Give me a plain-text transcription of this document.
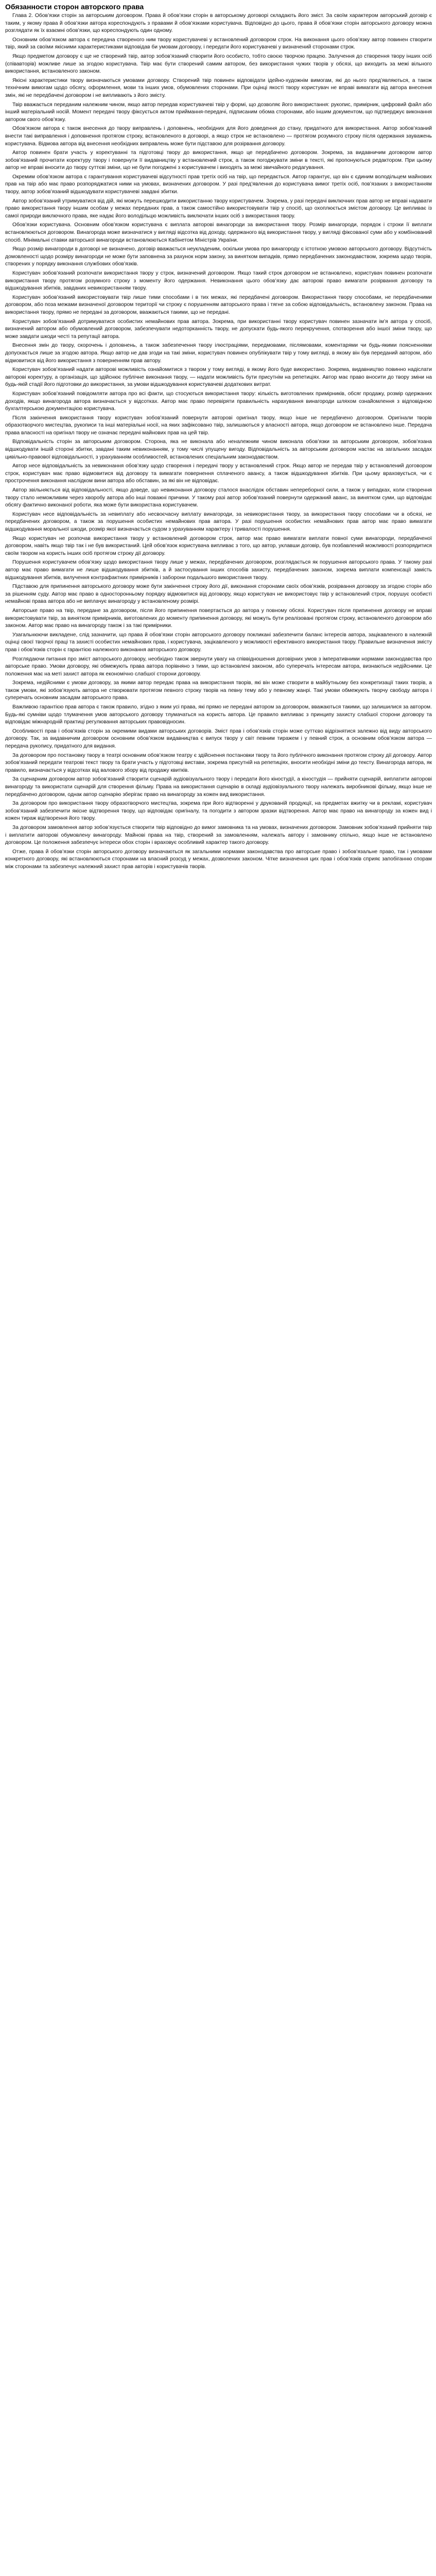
Обязанности сторон авторского права

Глава 2. Обов’язки сторін за авторським договором. Права й обов’язки сторін в авторському договорі складають його зміст. За своїм характером авторський договір є таким, у якому права й обов’язки автора кореспондують з правами й обов’язками користувача. Відповідно до цього, права й обов’язки сторін авторського договору можна розглядати як їх взаємні обов’язки, що кореспондують один одному.

Основним обов’язком автора є передача створеного ним твору користувачеві у встановлений договором строк. На виконання цього обов’язку автор повинен створити твір, який за своїми якісними характеристиками відповідав би умовам договору, і передати його користувачеві у визначений сторонами строк.

Якщо предметом договору є ще не створений твір, автор зобов’язаний створити його особисто, тобто своєю творчою працею. Залучення до створення твору інших осіб (співавторів) можливе лише за згодою користувача. Твір має бути створений самим автором, без використання чужих творів у обсязі, що виходить за межі вільного використання, встановленого законом.

Якісні характеристики твору визначаються умовами договору. Створений твір повинен відповідати ідейно-художнім вимогам, які до нього пред’являються, а також технічним вимогам щодо обсягу, оформлення, мови та інших умов, обумовлених сторонами. При оцінці якості твору користувач не вправі вимагати від автора внесення змін, які не передбачені договором і не випливають з його змісту.

Твір вважається переданим належним чином, якщо автор передав користувачеві твір у формі, що дозволяє його використання: рукопис, примірник, цифровий файл або інший матеріальний носій. Момент передачі твору фіксується актом приймання-передачі, підписаним обома сторонами, або іншим документом, що підтверджує виконання автором свого обов’язку.

Обов’язком автора є також внесення до твору виправлень і доповнень, необхідних для його доведення до стану, придатного для використання. Автор зобов’язаний внести такі виправлення і доповнення протягом строку, встановленого в договорі, а якщо строк не встановлено — протягом розумного строку після одержання зауважень користувача. Відмова автора від внесення необхідних виправлень може бути підставою для розірвання договору.

Автор повинен брати участь у коректуванні та підготовці твору до використання, якщо це передбачено договором. Зокрема, за видавничим договором автор зобов’язаний прочитати коректуру твору і повернути її видавництву у встановлений строк, а також погоджувати зміни в тексті, які пропонуються редактором. При цьому автор не вправі вносити до твору суттєві зміни, що не були погоджені з користувачем і виходять за межі звичайного редагування.

Окремим обов’язком автора є гарантування користувачеві відсутності прав третіх осіб на твір, що передається. Автор гарантує, що він є єдиним володільцем майнових прав на твір або має право розпоряджатися ними на умовах, визначених договором. У разі пред’явлення до користувача вимог третіх осіб, пов’язаних з використанням твору, автор зобов’язаний відшкодувати користувачеві завдані збитки.

Автор зобов’язаний утримуватися від дій, які можуть перешкодити використанню твору користувачем. Зокрема, у разі передачі виключних прав автор не вправі надавати право використання твору іншим особам у межах переданих прав, а також самостійно використовувати твір у спосіб, що охоплюється змістом договору. Це випливає із самої природи виключного права, яке надає його володільцю можливість виключати інших осіб з використання твору.

Обов’язки користувача. Основним обов’язком користувача є виплата авторові винагороди за використання твору. Розмір винагороди, порядок і строки її виплати встановлюються договором. Винагорода може визначатися у вигляді відсотка від доходу, одержаного від використання твору, у вигляді фіксованої суми або у комбінований спосіб. Мінімальні ставки авторської винагороди встановлюються Кабінетом Міністрів України.

Якщо розмір винагороди в договорі не визначено, договір вважається неукладеним, оскільки умова про винагороду є істотною умовою авторського договору. Відсутність домовленості щодо розміру винагороди не може бути заповнена за рахунок норм закону, за винятком випадків, прямо передбачених законодавством, зокрема щодо творів, створених у порядку виконання службових обов’язків.

Користувач зобов’язаний розпочати використання твору у строк, визначений договором. Якщо такий строк договором не встановлено, користувач повинен розпочати використання твору протягом розумного строку з моменту його одержання. Невиконання цього обов’язку дає авторові право вимагати розірвання договору та відшкодування збитків, завданих невикористанням твору.

Користувач зобов’язаний використовувати твір лише тими способами і в тих межах, які передбачені договором. Використання твору способами, не передбаченими договором, або поза межами визначеної договором території чи строку є порушенням авторського права і тягне за собою відповідальність, встановлену законом. Права на використання твору, прямо не передані за договором, вважаються такими, що не передані.

Користувач зобов’язаний дотримуватися особистих немайнових прав автора. Зокрема, при використанні твору користувач повинен зазначати ім’я автора у спосіб, визначений автором або обумовлений договором, забезпечувати недоторканність твору, не допускати будь-якого перекручення, спотворення або іншої зміни твору, що може завдати шкоди честі та репутації автора.

Внесення змін до твору, скорочень і доповнень, а також забезпечення твору ілюстраціями, передмовами, післямовами, коментарями чи будь-якими поясненнями допускається лише за згодою автора. Якщо автор не дав згоди на такі зміни, користувач повинен опублікувати твір у тому вигляді, в якому він був переданий автором, або відмовитися від його використання з поверненням прав автору.

Користувач зобов’язаний надати авторові можливість ознайомитися з твором у тому вигляді, в якому його буде використано. Зокрема, видавництво повинно надіслати авторові коректуру, а організація, що здійснює публічне виконання твору, — надати можливість бути присутнім на репетиціях. Автор має право вносити до твору зміни на будь-якій стадії його підготовки до використання, за умови відшкодування користувачеві додаткових витрат.

Користувач зобов’язаний повідомляти автора про всі факти, що стосуються використання твору: кількість виготовлених примірників, обсяг продажу, розмір одержаних доходів, якщо винагорода автора визначається у відсотках. Автор має право перевіряти правильність нарахування винагороди шляхом ознайомлення з відповідною бухгалтерською документацією користувача.

Після закінчення використання твору користувач зобов’язаний повернути авторові оригінал твору, якщо інше не передбачено договором. Оригінали творів образотворчого мистецтва, рукописи та інші матеріальні носії, на яких зафіксовано твір, залишаються у власності автора, якщо договором не встановлено інше. Передача права власності на оригінал твору не означає передачі майнових прав на цей твір.

Відповідальність сторін за авторським договором. Сторона, яка не виконала або неналежним чином виконала обов’язки за авторським договором, зобов’язана відшкодувати іншій стороні збитки, завдані таким невиконанням, у тому числі упущену вигоду. Відповідальність за авторським договором настає на загальних засадах цивільно-правової відповідальності, з урахуванням особливостей, встановлених спеціальним законодавством.

Автор несе відповідальність за невиконання обов’язку щодо створення і передачі твору у встановлений строк. Якщо автор не передав твір у встановлений договором строк, користувач має право відмовитися від договору та вимагати повернення сплаченого авансу, а також відшкодування збитків. При цьому враховується, чи є прострочення виконання наслідком вини автора або обставин, за які він не відповідає.

Автор звільняється від відповідальності, якщо доведе, що невиконання договору сталося внаслідок обставин непереборної сили, а також у випадках, коли створення твору стало неможливим через хворобу автора або інші поважні причини. У такому разі автор зобов’язаний повернути одержаний аванс, за винятком суми, що відповідає обсягу фактично виконаної роботи, яка може бути використана користувачем.

Користувач несе відповідальність за невиплату або несвоєчасну виплату винагороди, за невикористання твору, за використання твору способами чи в обсязі, не передбачених договором, а також за порушення особистих немайнових прав автора. У разі порушення особистих немайнових прав автор має право вимагати відшкодування моральної шкоди, розмір якої визначається судом з урахуванням характеру і тривалості порушення.

Якщо користувач не розпочав використання твору у встановлений договором строк, автор має право вимагати виплати повної суми винагороди, передбаченої договором, навіть якщо твір так і не був використаний. Цей обов’язок користувача випливає з того, що автор, уклавши договір, був позбавлений можливості розпорядитися своїм твором на користь інших осіб протягом строку дії договору.

Порушення користувачем обов’язку щодо використання твору лише у межах, передбачених договором, розглядається як порушення авторського права. У такому разі автор має право вимагати не лише відшкодування збитків, а й застосування інших способів захисту, передбачених законом, зокрема виплати компенсації замість відшкодування збитків, вилучення контрафактних примірників і заборони подальшого використання твору.

Підставою для припинення авторського договору може бути закінчення строку його дії, виконання сторонами своїх обов’язків, розірвання договору за згодою сторін або за рішенням суду. Автор має право в односторонньому порядку відмовитися від договору, якщо користувач не використовує твір у встановлений строк, порушує особисті немайнові права автора або не виплачує винагороду у встановленому розмірі.

Авторське право на твір, передане за договором, після його припинення повертається до автора у повному обсязі. Користувач після припинення договору не вправі використовувати твір, за винятком примірників, виготовлених до моменту припинення договору, які можуть бути реалізовані протягом строку, встановленого договором або законом. Автор має право на винагороду також і за такі примірники.

Узагальнюючи викладене, слід зазначити, що права й обов’язки сторін авторського договору покликані забезпечити баланс інтересів автора, зацікавленого в належній оцінці своєї творчої праці та захисті особистих немайнових прав, і користувача, зацікавленого у можливості ефективного використання твору. Правильне визначення змісту прав і обов’язків сторін є гарантією належного виконання авторського договору.

Розглядаючи питання про зміст авторського договору, необхідно також звернути увагу на співвідношення договірних умов з імперативними нормами законодавства про авторське право. Умови договору, які обмежують права автора порівняно з тими, що встановлені законом, або суперечать інтересам автора, визнаються недійсними. Це положення має на меті захист автора як економічно слабшої сторони договору.

Зокрема, недійсними є умови договору, за якими автор передає права на використання творів, які він може створити в майбутньому без конкретизації таких творів, а також умови, які зобов’язують автора не створювати протягом певного строку творів на певну тему або у певному жанрі. Такі умови обмежують творчу свободу автора і суперечать основним засадам авторського права.

Важливою гарантією прав автора є також правило, згідно з яким усі права, які прямо не передані автором за договором, вважаються такими, що залишилися за автором. Будь-які сумніви щодо тлумачення умов авторського договору тлумачаться на користь автора. Це правило випливає з принципу захисту слабшої сторони договору та відповідає міжнародній практиці регулювання авторських правовідносин.

Особливості прав і обов’язків сторін за окремими видами авторських договорів. Зміст прав і обов’язків сторін може суттєво відрізнятися залежно від виду авторського договору. Так, за видавничим договором основним обов’язком видавництва є випуск твору у світ певним тиражем і у певний строк, а основним обов’язком автора — передача рукопису, придатного для видання.

За договором про постановку твору в театрі основним обов’язком театру є здійснення постановки твору та його публічного виконання протягом строку дії договору. Автор зобов’язаний передати театрові текст твору та брати участь у підготовці вистави, зокрема присутній на репетиціях, вносити необхідні зміни до тексту. Винагорода автора, як правило, визначається у відсотках від валового збору від продажу квитків.

За сценарним договором автор зобов’язаний створити сценарій аудіовізуального твору і передати його кіностудії, а кіностудія — прийняти сценарій, виплатити авторові винагороду та використати сценарій для створення фільму. Права на використання сценарію в складі аудіовізуального твору належать виробникові фільму, якщо інше не передбачено договором, однак автор сценарію зберігає право на винагороду за кожен вид використання.

За договором про використання твору образотворчого мистецтва, зокрема при його відтворенні у друкованій продукції, на предметах вжитку чи в рекламі, користувач зобов’язаний забезпечити якісне відтворення твору, що відповідає оригіналу, та погодити з автором зразки відтворення. Автор має право на винагороду за кожен вид і кожен тираж відтворення його твору.

За договором замовлення автор зобов’язується створити твір відповідно до вимог замовника та на умовах, визначених договором. Замовник зобов’язаний прийняти твір і виплатити авторові обумовлену винагороду. Майнові права на твір, створений за замовленням, належать автору і замовнику спільно, якщо інше не встановлено договором. Це положення забезпечує інтереси обох сторін і враховує особливий характер такого договору.

Отже, права й обов’язки сторін авторського договору визначаються як загальними нормами законодавства про авторське право і зобов’язальне право, так і умовами конкретного договору, які встановлюються сторонами на власний розсуд у межах, дозволених законом. Чітке визначення цих прав і обов’язків сприяє запобіганню спорам між сторонами та забезпечує належний захист прав авторів і користувачів творів.
